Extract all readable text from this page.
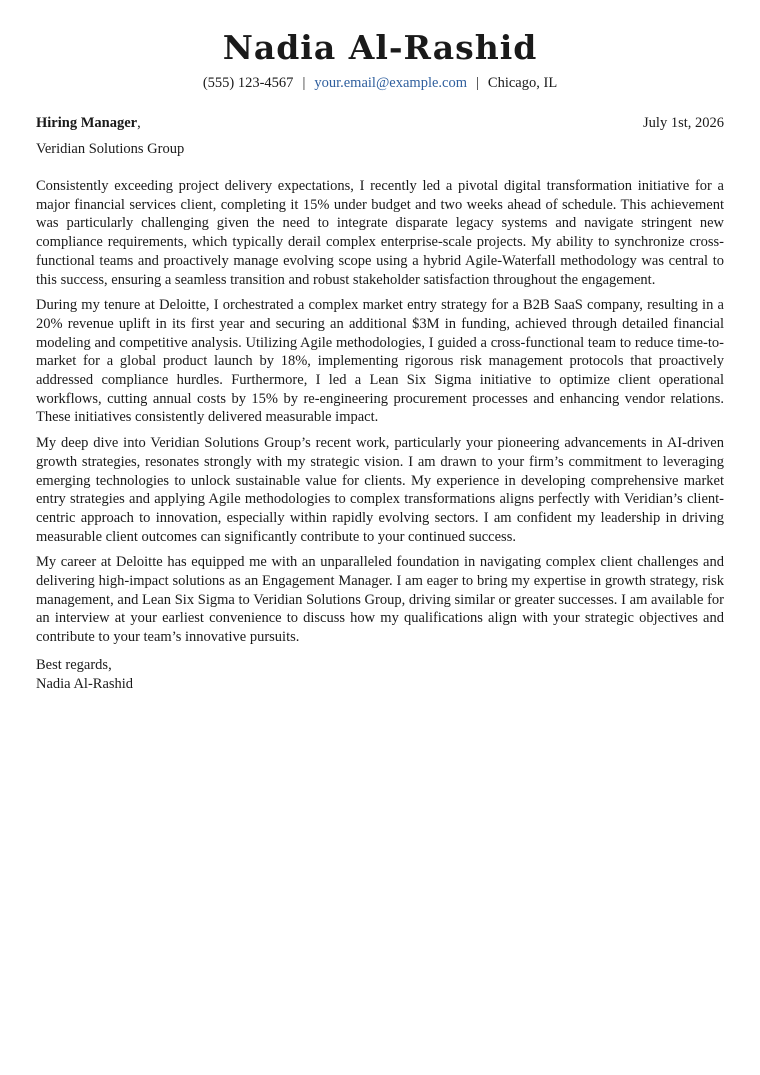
Nadia Al-Rashid
(555) 123-4567 | your.email@example.com | Chicago, IL
Hiring Manager,	July 1st, 2026
Veridian Solutions Group

Consistently exceeding project delivery expectations, I recently led a pivotal digital transformation initiative for a major financial services client, completing it 15% under budget and two weeks ahead of schedule. This achievement was particularly challenging given the need to integrate disparate legacy systems and navigate stringent new compliance requirements, which typically derail complex enterprise-scale projects. My ability to synchronize cross-functional teams and proactively manage evolving scope using a hybrid Agile-Waterfall methodology was central to this success, ensuring a seamless transition and robust stakeholder satisfaction throughout the engagement.

During my tenure at Deloitte, I orchestrated a complex market entry strategy for a B2B SaaS company, resulting in a 20% revenue uplift in its first year and securing an additional $3M in funding, achieved through detailed financial modeling and competitive analysis. Utilizing Agile methodologies, I guided a cross-functional team to reduce time-to-market for a global product launch by 18%, implementing rigorous risk management protocols that proactively addressed compliance hurdles. Furthermore, I led a Lean Six Sigma initiative to optimize client operational workflows, cutting annual costs by 15% by re-engineering procurement processes and enhancing vendor relations. These initiatives consistently delivered measurable impact.

My deep dive into Veridian Solutions Group’s recent work, particularly your pioneering advancements in AI-driven growth strategies, resonates strongly with my strategic vision. I am drawn to your firm’s commitment to leveraging emerging technologies to unlock sustainable value for clients. My experience in developing comprehensive market entry strategies and applying Agile methodologies to complex transformations aligns perfectly with Veridian’s client-centric approach to innovation, especially within rapidly evolving sectors. I am confident my leadership in driving measurable client outcomes can significantly contribute to your continued success.

My career at Deloitte has equipped me with an unparalleled foundation in navigating complex client challenges and delivering high-impact solutions as an Engagement Manager. I am eager to bring my expertise in growth strategy, risk management, and Lean Six Sigma to Veridian Solutions Group, driving similar or greater successes. I am available for an interview at your earliest convenience to discuss how my qualifications align with your strategic objectives and contribute to your team’s innovative pursuits.

Best regards,
Nadia Al-Rashid
